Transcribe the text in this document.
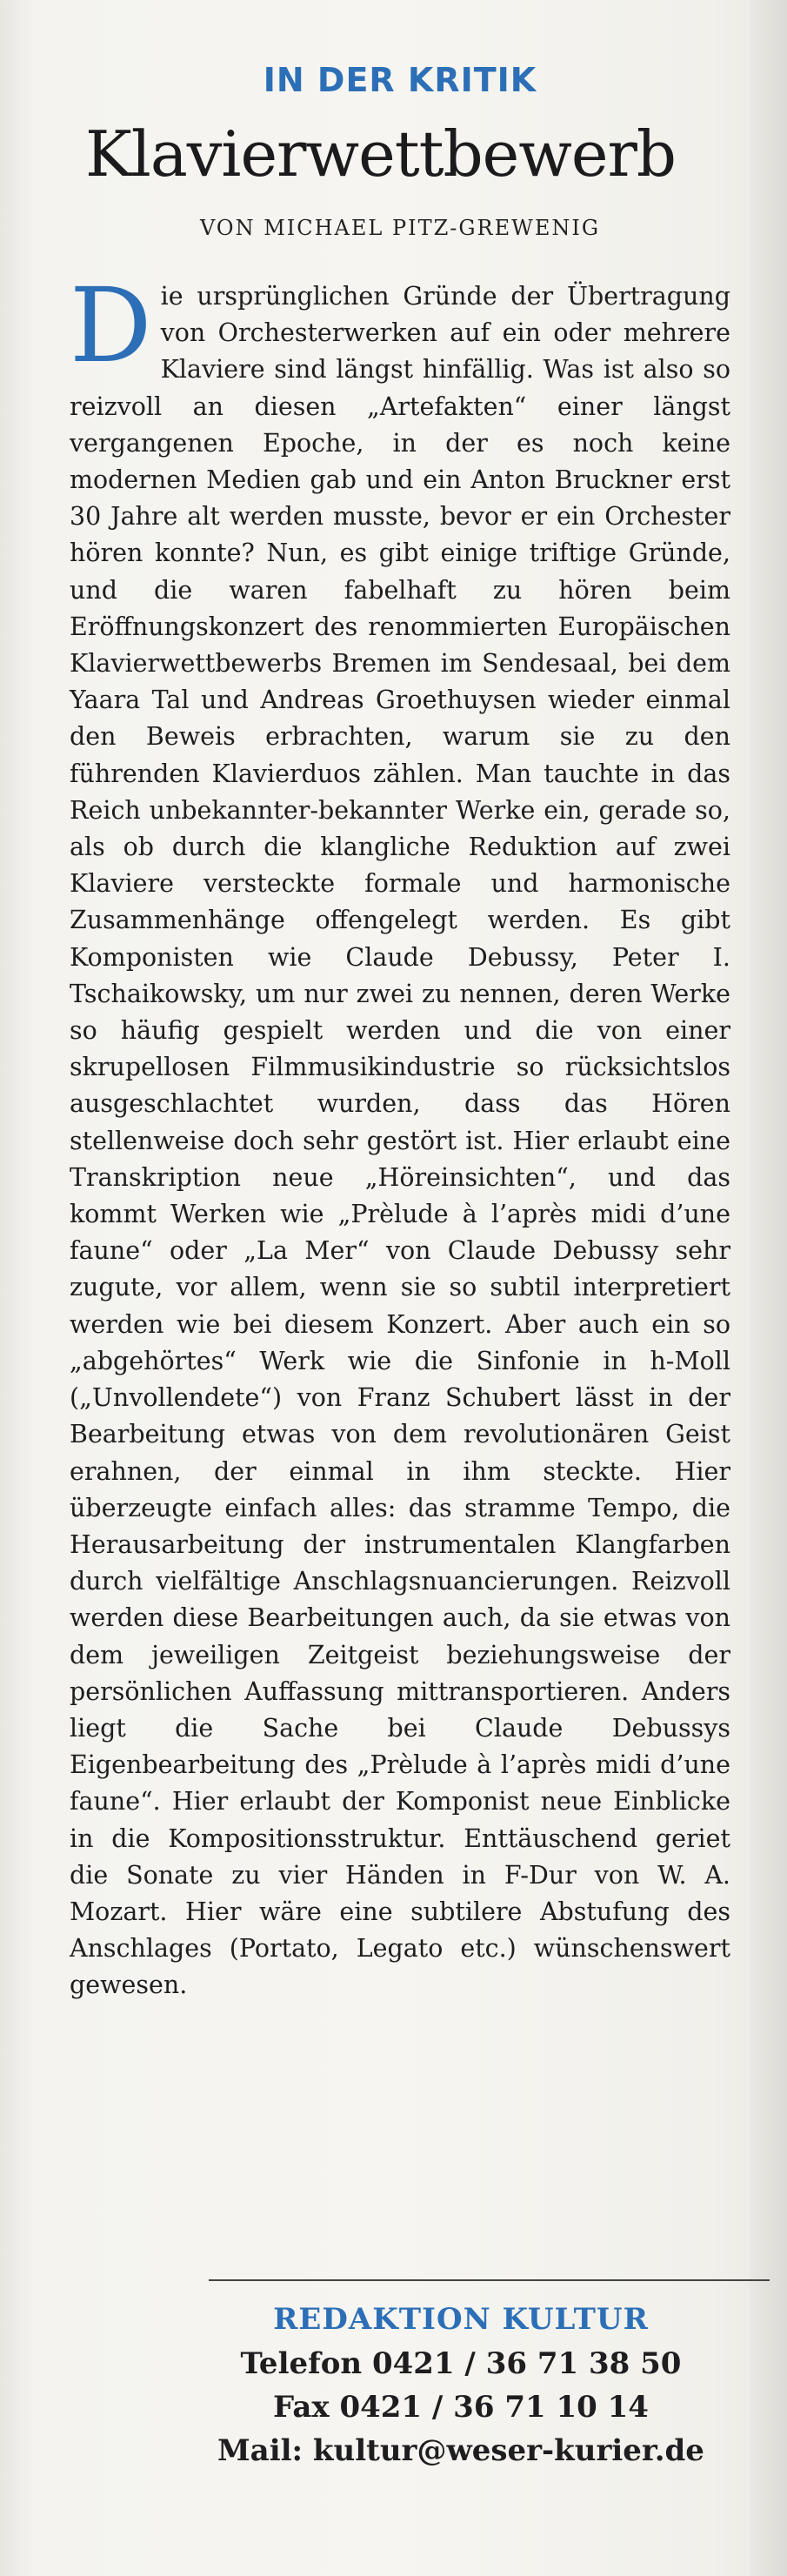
IN DER KRITIK
Klavierwettbewerb
VON MICHAEL PITZ-GREWENIG
D ie ursprünglichen Gründe der Übertragung von Orchesterwerken auf ein oder mehrere Klaviere sind längst hinfällig. Was ist also so reizvoll an diesen „Artefakten“ einer längst vergangenen Epoche, in der es noch keine modernen Medien gab und ein Anton Bruckner erst 30 Jahre alt werden musste, bevor er ein Orchester hören konnte? Nun, es gibt einige triftige Gründe, und die waren fabelhaft zu hören beim Eröffnungskonzert des renommierten Europäischen Klavierwettbewerbs Bremen im Sendesaal, bei dem Yaara Tal und Andreas Groethuysen wieder einmal den Beweis erbrachten, warum sie zu den führenden Klavierduos zählen. Man tauchte in das Reich unbekannter-bekannter Werke ein, gerade so, als ob durch die klangliche Reduktion auf zwei Klaviere versteckte formale und harmonische Zusammenhänge offengelegt werden. Es gibt Komponisten wie Claude Debussy, Peter I. Tschaikowsky, um nur zwei zu nennen, deren Werke so häufig gespielt werden und die von einer skrupellosen Filmmusikindustrie so rücksichtslos ausgeschlachtet wurden, dass das Hören stellenweise doch sehr gestört ist. Hier erlaubt eine Transkription neue „Höreinsichten“, und das kommt Werken wie „Prèlude à l’après midi d’une faune“ oder „La Mer“ von Claude Debussy sehr zugute, vor allem, wenn sie so subtil interpretiert werden wie bei diesem Konzert. Aber auch ein so „abgehörtes“ Werk wie die Sinfonie in h-Moll („Unvollendete“) von Franz Schubert lässt in der Bearbeitung etwas von dem revolutionären Geist erahnen, der einmal in ihm steckte. Hier überzeugte einfach alles: das stramme Tempo, die Herausarbeitung der instrumentalen Klangfarben durch vielfältige Anschlagsnuancierungen. Reizvoll werden diese Bearbeitungen auch, da sie etwas von dem jeweiligen Zeitgeist beziehungsweise der persönlichen Auffassung mittransportieren. Anders liegt die Sache bei Claude Debussys Eigenbearbeitung des „Prèlude à l’après midi d’une faune“. Hier erlaubt der Komponist neue Einblicke in die Kompositionsstruktur. Enttäuschend geriet die Sonate zu vier Händen in F-Dur von W. A. Mozart. Hier wäre eine subtilere Abstufung des Anschlages (Portato, Legato etc.) wünschenswert gewesen.
REDAKTION KULTUR
Telefon 0421 / 36 71 38 50
Fax 0421 / 36 71 10 14
Mail: kultur@weser-kurier.de
